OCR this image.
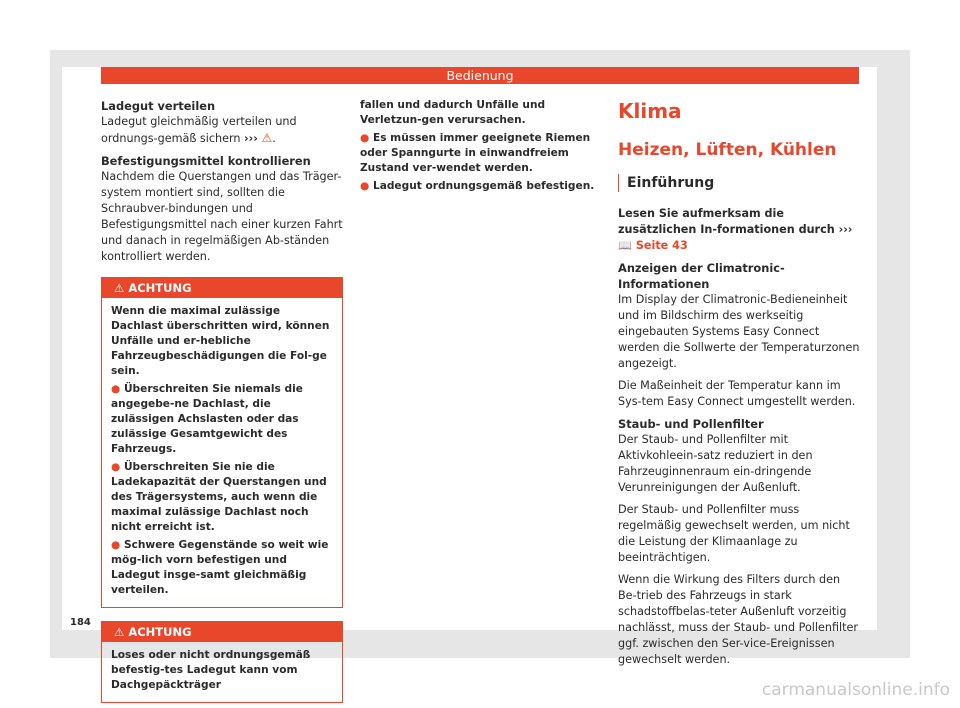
Bedienung
Ladegut verteilen

Ladegut gleichmäßig verteilen und ordnungs-gemäß sichern ››› ⚠.

Befestigungsmittel kontrollieren

Nachdem die Querstangen und das Träger-system montiert sind, sollten die Schraubver-bindungen und Befestigungsmittel nach einer kurzen Fahrt und danach in regelmäßigen Ab-ständen kontrolliert werden.

⚠ ACHTUNG

Wenn die maximal zulässige Dachlast überschritten wird, können Unfälle und er-hebliche Fahrzeugbeschädigungen die Fol-ge sein.

● Überschreiten Sie niemals die angegebe-ne Dachlast, die zulässigen Achslasten oder das zulässige Gesamtgewicht des Fahrzeugs.

● Überschreiten Sie nie die Ladekapazität der Querstangen und des Trägersystems, auch wenn die maximal zulässige Dachlast noch nicht erreicht ist.

● Schwere Gegenstände so weit wie mög-lich vorn befestigen und Ladegut insge-samt gleichmäßig verteilen.

⚠ ACHTUNG

Loses oder nicht ordnungsgemäß befestig-tes Ladegut kann vom Dachgepäckträger

fallen und dadurch Unfälle und Verletzun-gen verursachen.

● Es müssen immer geeignete Riemen oder Spanngurte in einwandfreiem Zustand ver-wendet werden.

● Ladegut ordnungsgemäß befestigen.

Klima
Heizen, Lüften, Kühlen
Einführung

Lesen Sie aufmerksam die zusätzlichen In-formationen durch ››› 📖 Seite 43

Anzeigen der Climatronic-Informationen

Im Display der Climatronic-Bedieneinheit und im Bildschirm des werkseitig eingebauten Systems Easy Connect werden die Sollwerte der Temperaturzonen angezeigt.

Die Maßeinheit der Temperatur kann im Sys-tem Easy Connect umgestellt werden.

Staub- und Pollenfilter

Der Staub- und Pollenfilter mit Aktivkohleein-satz reduziert in den Fahrzeuginnenraum ein-dringende Verunreinigungen der Außenluft.

Der Staub- und Pollenfilter muss regelmäßig gewechselt werden, um nicht die Leistung der Klimaanlage zu beeinträchtigen.

Wenn die Wirkung des Filters durch den Be-trieb des Fahrzeugs in stark schadstoffbelas-teter Außenluft vorzeitig nachlässt, muss der Staub- und Pollenfilter ggf. zwischen den Ser-vice-Ereignissen gewechselt werden.

184
carmanualsonline.info
